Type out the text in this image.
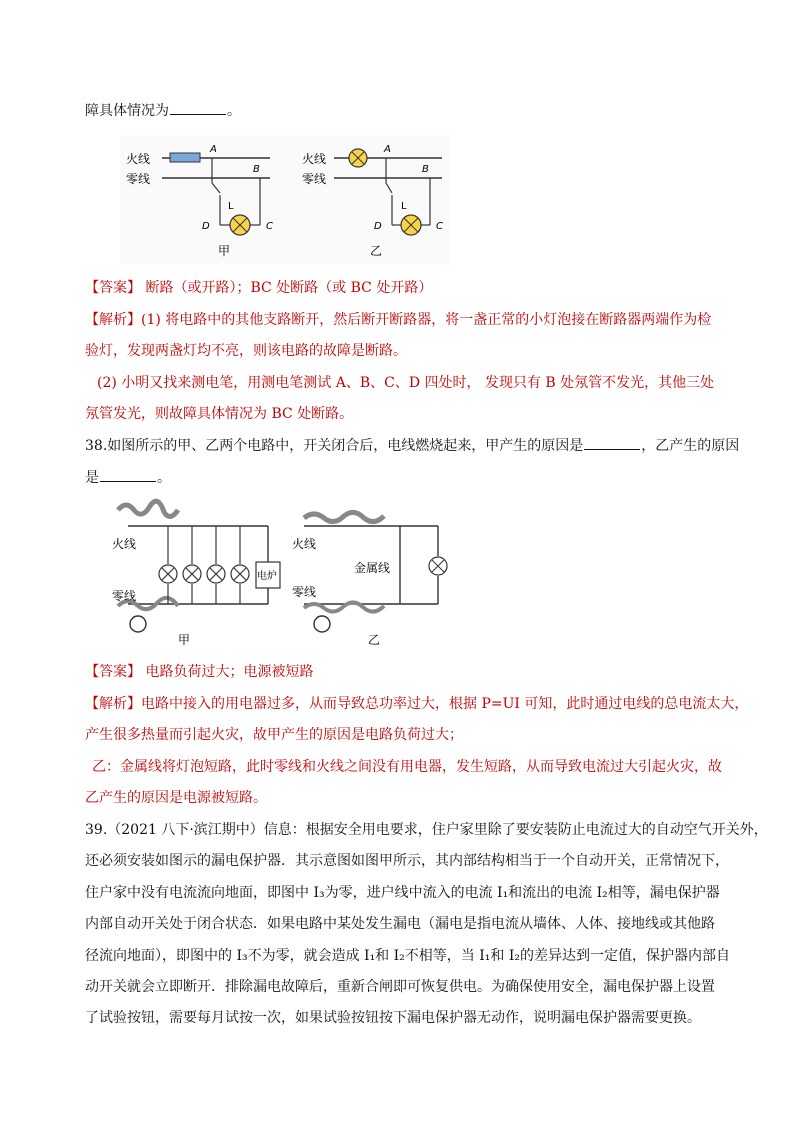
障具体情况为	。
火线
零线
A
B
L
D	C
甲
火线
零线
A
B
L
D	C
乙
【答案】 断路（或开路）；BC 处断路（或 BC 处开路）
【解析】(1) 将电路中的其他支路断开，然后断开断路器，将一盏正常的小灯泡接在断路器两端作为检
验灯，发现两盏灯均不亮，则该电路的故障是断路。
(2) 小明又找来测电笔，用测电笔测试 A、B、C、D 四处时， 发现只有 B 处氖管不发光，其他三处
氖管发光，则故障具体情况为 BC 处断路。
38.如图所示的甲、乙两个电路中，开关闭合后，电线燃烧起来，甲产生的原因是	，乙产生的原因
是	。
火线
零线
电炉
甲
火线
零线
金属线
乙
【答案】 电路负荷过大；电源被短路
【解析】电路中接入的用电器过多，从而导致总功率过大，根据 P=UI 可知，此时通过电线的总电流太大，
产生很多热量而引起火灾，故甲产生的原因是电路负荷过大；
乙：金属线将灯泡短路，此时零线和火线之间没有用电器，发生短路，从而导致电流过大引起火灾，故
乙产生的原因是电源被短路。
39.（2021 八下·滨江期中）信息：根据安全用电要求，住户家里除了要安装防止电流过大的自动空气开关外，
还必须安装如图示的漏电保护器．其示意图如图甲所示，其内部结构相当于一个自动开关，正常情况下，
住户家中没有电流流向地面，即图中 I₃为零，进户线中流入的电流 I₁和流出的电流 I₂相等，漏电保护器
内部自动开关处于闭合状态．如果电路中某处发生漏电（漏电是指电流从墙体、人体、接地线或其他路
径流向地面），即图中的 I₃不为零，就会造成 I₁和 I₂不相等，当 I₁和 I₂的差异达到一定值，保护器内部自
动开关就会立即断开．排除漏电故障后，重新合闸即可恢复供电。为确保使用安全，漏电保护器上设置
了试验按钮，需要每月试按一次，如果试验按钮按下漏电保护器无动作，说明漏电保护器需要更换。
